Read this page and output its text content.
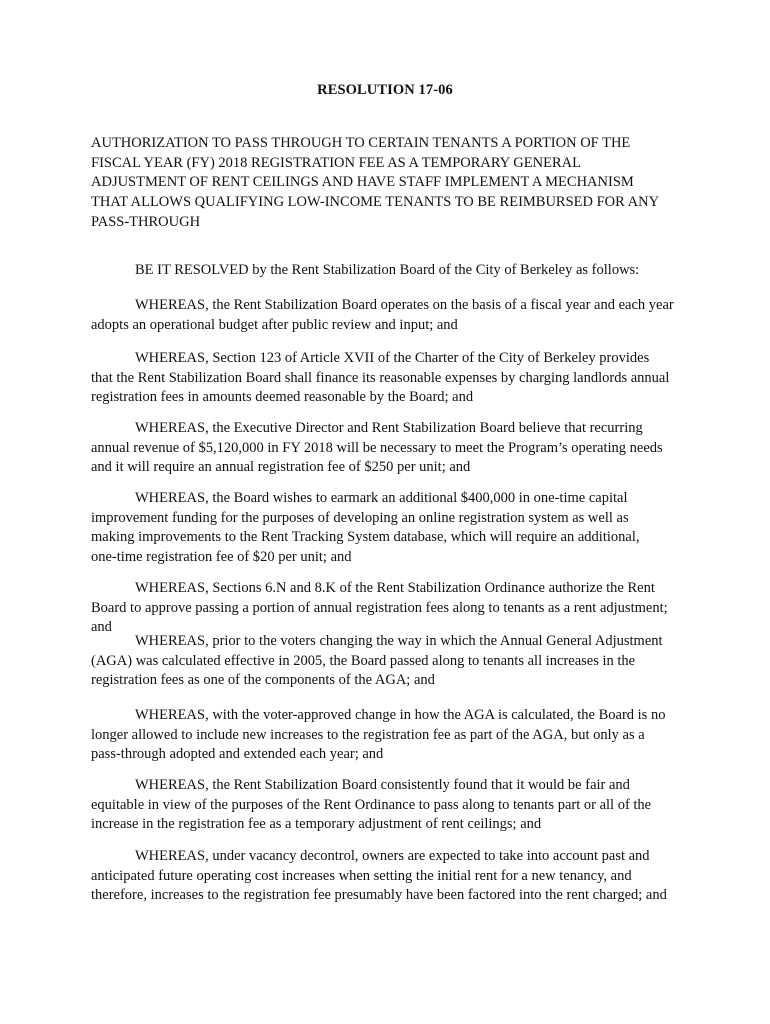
RESOLUTION 17-06
AUTHORIZATION TO PASS THROUGH TO CERTAIN TENANTS A PORTION OF THE
FISCAL YEAR (FY) 2018 REGISTRATION FEE AS A TEMPORARY GENERAL
ADJUSTMENT OF RENT CEILINGS AND HAVE STAFF IMPLEMENT A MECHANISM
THAT ALLOWS QUALIFYING LOW-INCOME TENANTS TO BE REIMBURSED FOR ANY
PASS-THROUGH
BE IT RESOLVED by the Rent Stabilization Board of the City of Berkeley as follows:
WHEREAS, the Rent Stabilization Board operates on the basis of a fiscal year and each year
adopts an operational budget after public review and input; and
WHEREAS, Section 123 of Article XVII of the Charter of the City of Berkeley provides
that the Rent Stabilization Board shall finance its reasonable expenses by charging landlords annual
registration fees in amounts deemed reasonable by the Board; and
WHEREAS, the Executive Director and Rent Stabilization Board believe that recurring
annual revenue of $5,120,000 in FY 2018 will be necessary to meet the Program’s operating needs
and it will require an annual registration fee of $250 per unit; and
WHEREAS, the Board wishes to earmark an additional $400,000 in one-time capital
improvement funding for the purposes of developing an online registration system as well as
making improvements to the Rent Tracking System database, which will require an additional,
one-time registration fee of $20 per unit; and
WHEREAS, Sections 6.N and 8.K of the Rent Stabilization Ordinance authorize the Rent
Board to approve passing a portion of annual registration fees along to tenants as a rent adjustment;
and
WHEREAS, prior to the voters changing the way in which the Annual General Adjustment
(AGA) was calculated effective in 2005, the Board passed along to tenants all increases in the
registration fees as one of the components of the AGA; and
WHEREAS, with the voter-approved change in how the AGA is calculated, the Board is no
longer allowed to include new increases to the registration fee as part of the AGA, but only as a
pass-through adopted and extended each year; and
WHEREAS, the Rent Stabilization Board consistently found that it would be fair and
equitable in view of the purposes of the Rent Ordinance to pass along to tenants part or all of the
increase in the registration fee as a temporary adjustment of rent ceilings; and
WHEREAS, under vacancy decontrol, owners are expected to take into account past and
anticipated future operating cost increases when setting the initial rent for a new tenancy, and
therefore, increases to the registration fee presumably have been factored into the rent charged; and
